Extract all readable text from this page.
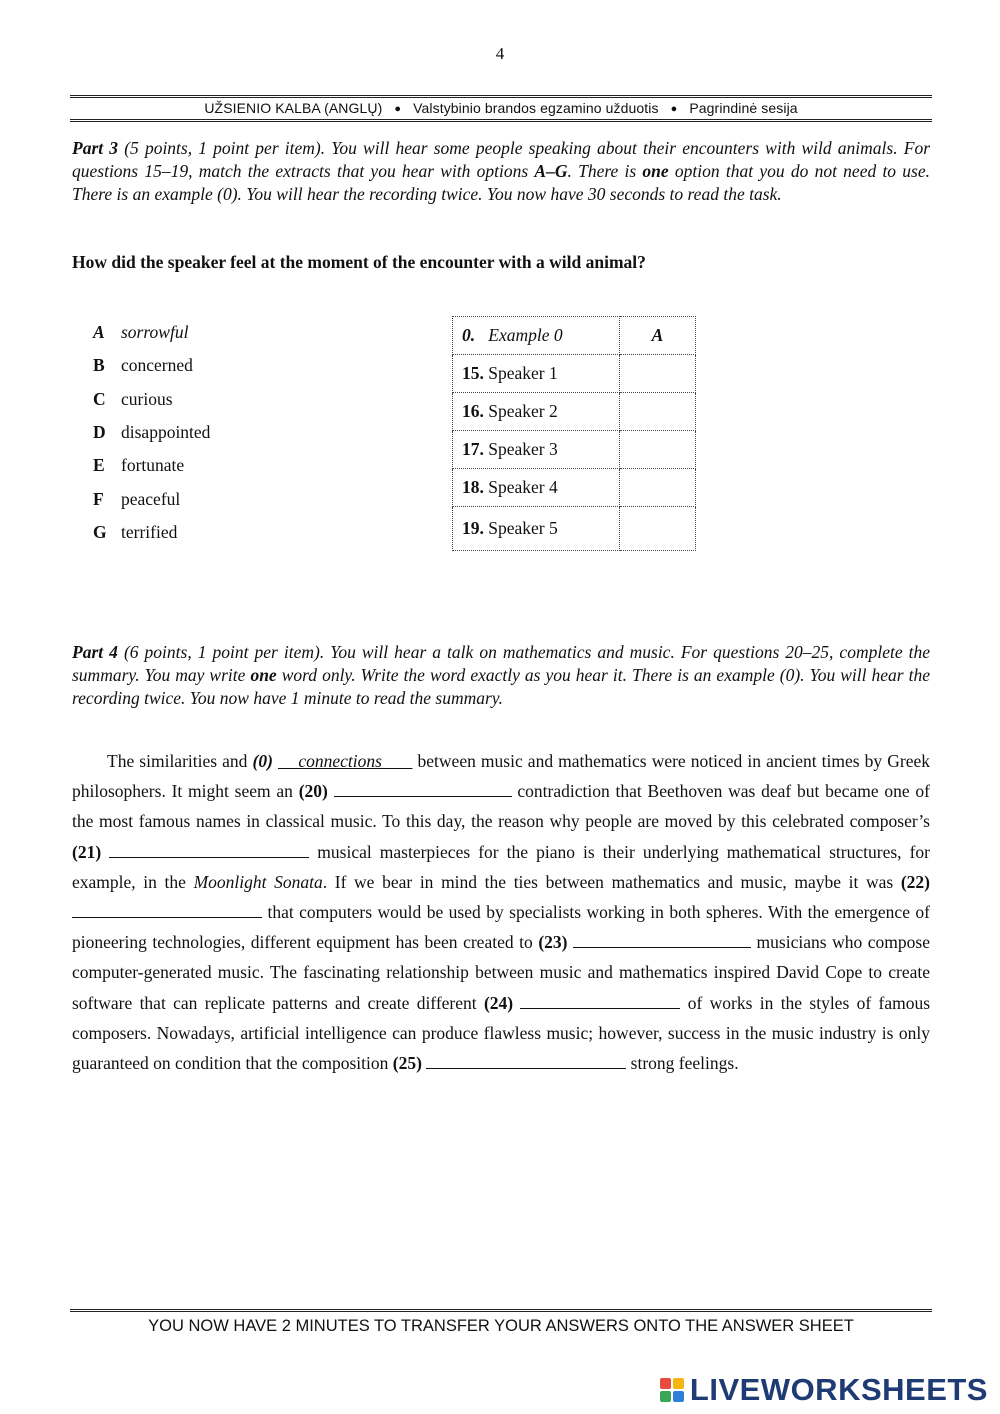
4
UŽSIENIO KALBA (ANGLŲ) ● Valstybinio brandos egzamino užduotis ● Pagrindinė sesija
Part 3 (5 points, 1 point per item). You will hear some people speaking about their encounters with wild animals. For questions 15–19, match the extracts that you hear with options A–G. There is one option that you do not need to use. There is an example (0). You will hear the recording twice. You now have 30 seconds to read the task.
How did the speaker feel at the moment of the encounter with a wild animal?
A sorrowful
B concerned
C curious
D disappointed
E fortunate
F peaceful
G terrified
0. Example 0	A
15. Speaker 1	
16. Speaker 2	
17. Speaker 3	
18. Speaker 4	
19. Speaker 5	
Part 4 (6 points, 1 point per item). You will hear a talk on mathematics and music. For questions 20–25, complete the summary. You may write one word only. Write the word exactly as you hear it. There is an example (0). You will hear the recording twice. You now have 1 minute to read the summary.
The similarities and (0) connections       between music and mathematics were noticed in ancient times by Greek philosophers. It might seem an (20)	contradiction that Beethoven was deaf but became one of the most famous names in classical music. To this day, the reason why people are moved by this celebrated composer’s (21)	musical masterpieces for the piano is their underlying mathematical structures, for example, in the Moonlight Sonata. If we bear in mind the ties between mathematics and music, maybe it was (22)  that computers would be used by specialists working in both spheres. With the emergence of pioneering technologies, different equipment has been created to (23)	musicians who compose computer-generated music. The fascinating relationship between music and mathematics inspired David Cope to create software that can replicate patterns and create different (24)	of works in the styles of famous composers. Nowadays, artificial intelligence can produce flawless music; however, success in the music industry is only guaranteed on condition that the composition (25)	strong feelings.
YOU NOW HAVE 2 MINUTES TO TRANSFER YOUR ANSWERS ONTO THE ANSWER SHEET
LIVEWORKSHEETS
